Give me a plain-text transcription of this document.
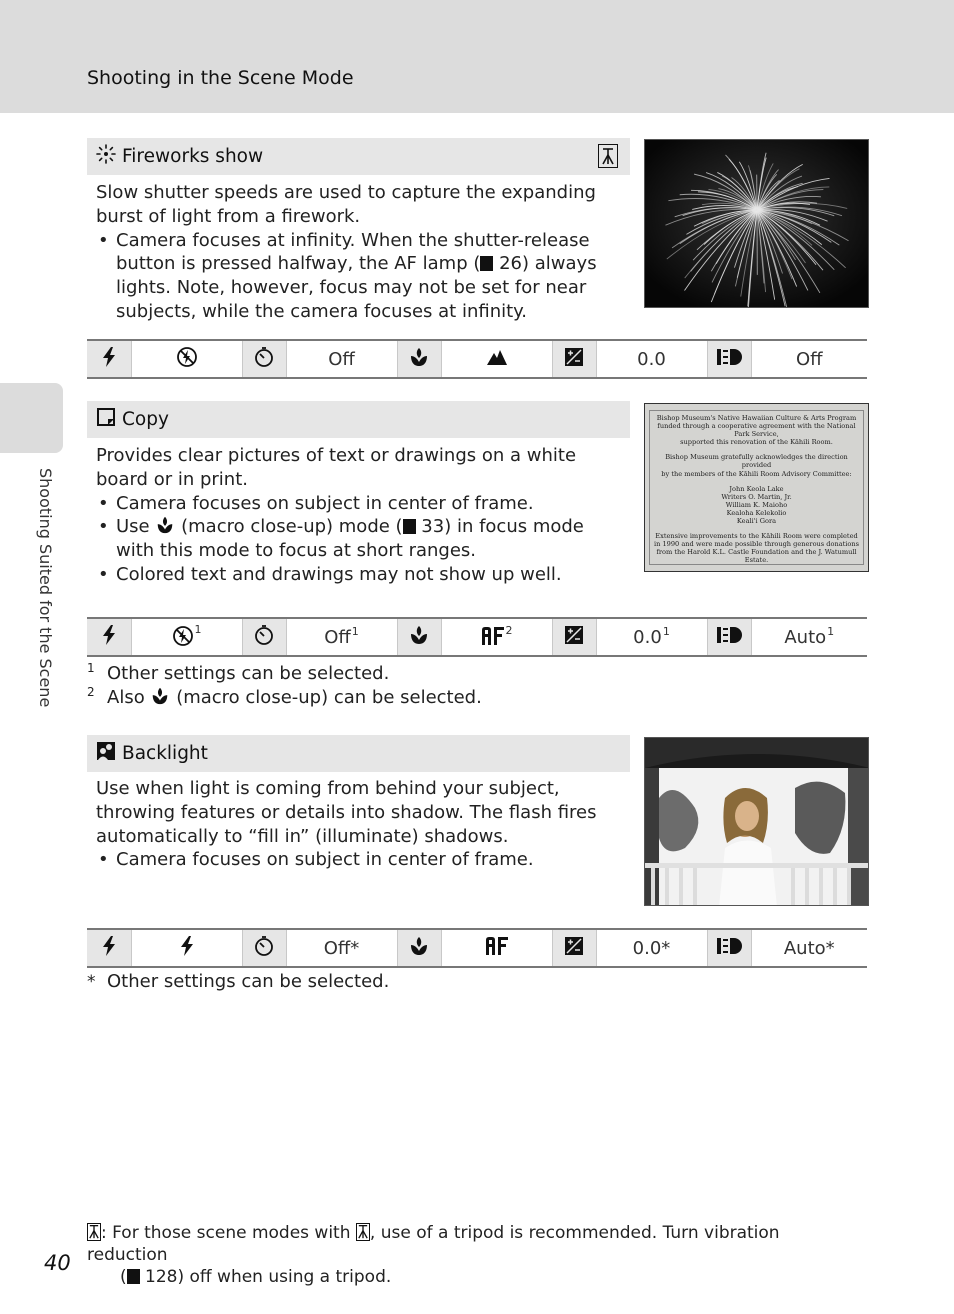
Shooting in the Scene Mode
Shooting Suited for the Scene
Fireworks show

Slow shutter speeds are used to capture the expanding burst of light from a firework.

• Camera focuses at infinity. When the shutter-release button is pressed halfway, the AF lamp ( 26) always lights. Note, however, focus may not be set for near subjects, while the camera focuses at infinity.
			Off				0.0		Off
Copy

Provides clear pictures of text or drawings on a white board or in print.

• Camera focuses on subject in center of frame.
• Use (macro close-up) mode ( 33) in focus mode with this mode to focus at short ranges.
• Colored text and drawings may not show up well.
Bishop Museum's Native Hawaiian Culture & Arts Program
funded through a cooperative agreement with the National Park Service,
supported this renovation of the Kāhili Room.
Bishop Museum gratefully acknowledges the direction provided
by the members of the Kāhili Room Advisory Committee:
John Keola Lake
Writers O. Martin, Jr.
William K. Maioho
Kealoha Kelekolio
Keali'i Gora
Extensive improvements to the Kāhili Room were completed
in 1990 and were made possible through generous donations
from the Harold K.L. Castle Foundation and the J. Watumull Estate.
	$^1$		Off$^1$		$^2$		$0.0^1$		Auto$^1$
1 Other settings can be selected.
2 Also (macro close-up) can be selected.
Backlight

Use when light is coming from behind your subject, throwing features or details into shadow. The flash fires automatically to “fill in” (illuminate) shadows.

• Camera focuses on subject in center of frame.
			Off*				0.0*		Auto*
* Other settings can be selected.
: For those scene modes with , use of a tripod is recommended. Turn vibration reduction
( 128) off when using a tripod.
40
